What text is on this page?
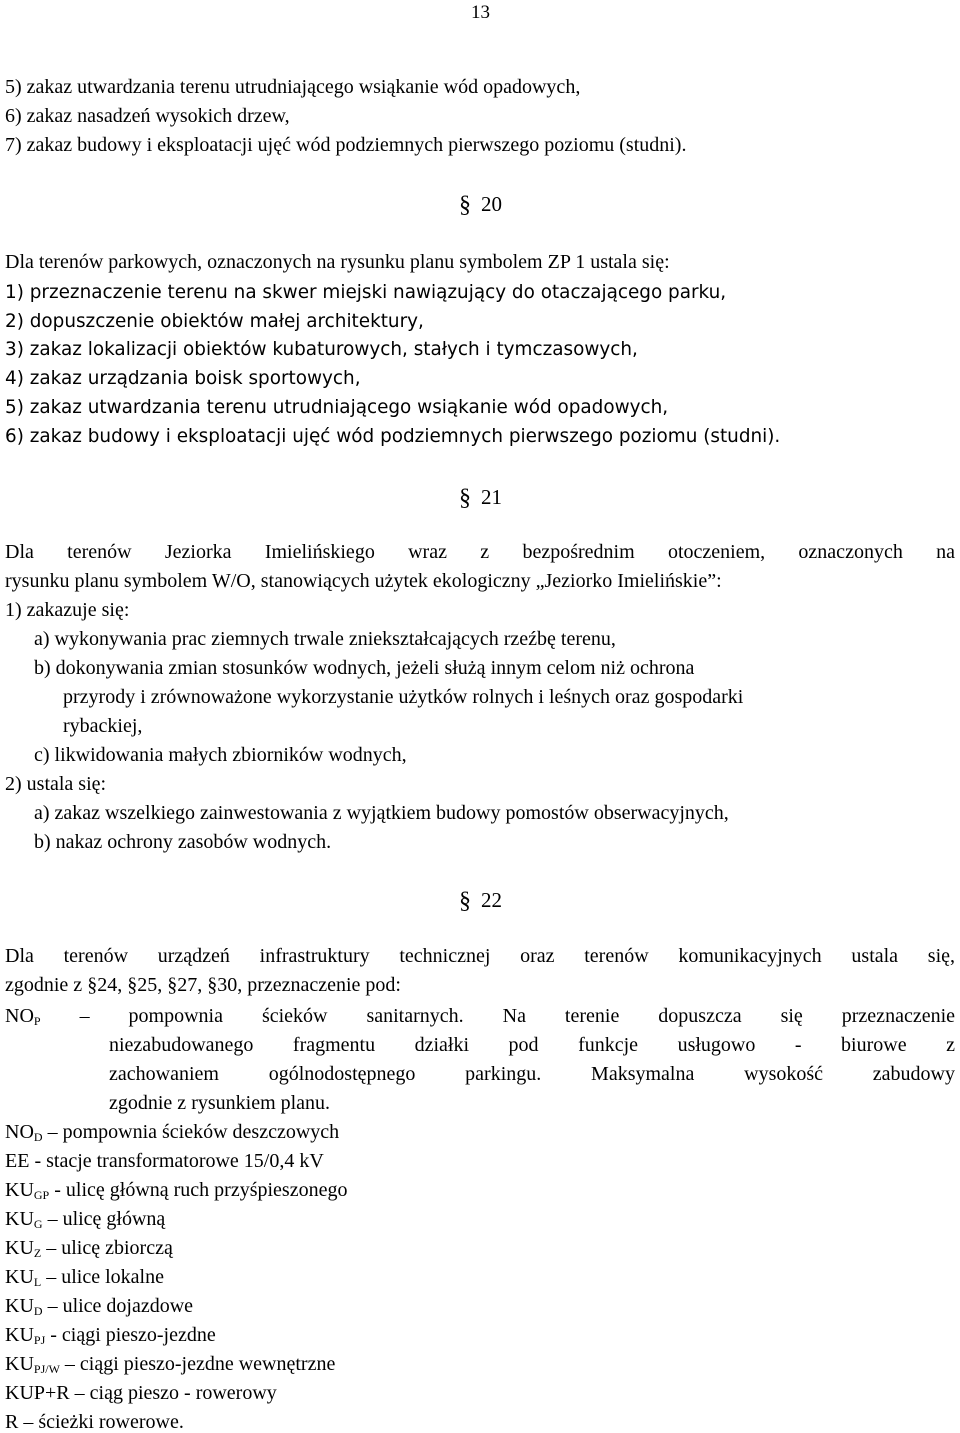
13
5) zakaz utwardzania terenu utrudniającego wsiąkanie wód opadowych,
6) zakaz nasadzeń wysokich drzew,
7) zakaz budowy i eksploatacji ujęć wód podziemnych pierwszego poziomu (studni).
§ 20
Dla terenów parkowych, oznaczonych na rysunku planu symbolem ZP 1 ustala się:
1) przeznaczenie terenu na skwer miejski nawiązujący do otaczającego parku,
2) dopuszczenie obiektów małej architektury,
3) zakaz lokalizacji obiektów kubaturowych, stałych i tymczasowych,
4) zakaz urządzania boisk sportowych,
5) zakaz utwardzania terenu utrudniającego wsiąkanie wód opadowych,
6) zakaz budowy i eksploatacji ujęć wód podziemnych pierwszego poziomu (studni).
§ 21
Dla terenów Jeziorka Imielińskiego wraz z bezpośrednim otoczeniem, oznaczonych na
rysunku planu symbolem W/O, stanowiących użytek ekologiczny „Jeziorko Imielińskie”:
1) zakazuje się:
a) wykonywania prac ziemnych trwale zniekształcających rzeźbę terenu,
b) dokonywania zmian stosunków wodnych, jeżeli służą innym celom niż ochrona
przyrody i zrównoważone wykorzystanie użytków rolnych i leśnych oraz gospodarki
rybackiej,
c) likwidowania małych zbiorników wodnych,
2) ustala się:
a) zakaz wszelkiego zainwestowania z wyjątkiem budowy pomostów obserwacyjnych,
b) nakaz ochrony zasobów wodnych.
§ 22
Dla terenów urządzeń infrastruktury technicznej oraz terenów komunikacyjnych ustala się,
zgodnie z §24, §25, §27, §30, przeznaczenie pod:
$NO_P$ – pompownia ścieków sanitarnych. Na terenie dopuszcza się przeznaczenie
niezabudowanego fragmentu działki pod funkcje usługowo - biurowe z
zachowaniem ogólnodostępnego parkingu. Maksymalna wysokość zabudowy
zgodnie z rysunkiem planu.
$NO_D$ – pompownia ścieków deszczowych
EE - stacje transformatorowe 15/0,4 kV
$KU_{GP}$ - ulicę główną ruch przyśpieszonego
$KU_G$ – ulicę główną
$KU_Z$ – ulicę zbiorczą
$KU_L$ – ulice lokalne
$KU_D$ – ulice dojazdowe
$KU_{PJ}$ - ciągi pieszo-jezdne
$KU_{PJ/W}$ – ciągi pieszo-jezdne wewnętrzne
KUP+R – ciąg pieszo - rowerowy
R – ścieżki rowerowe.
